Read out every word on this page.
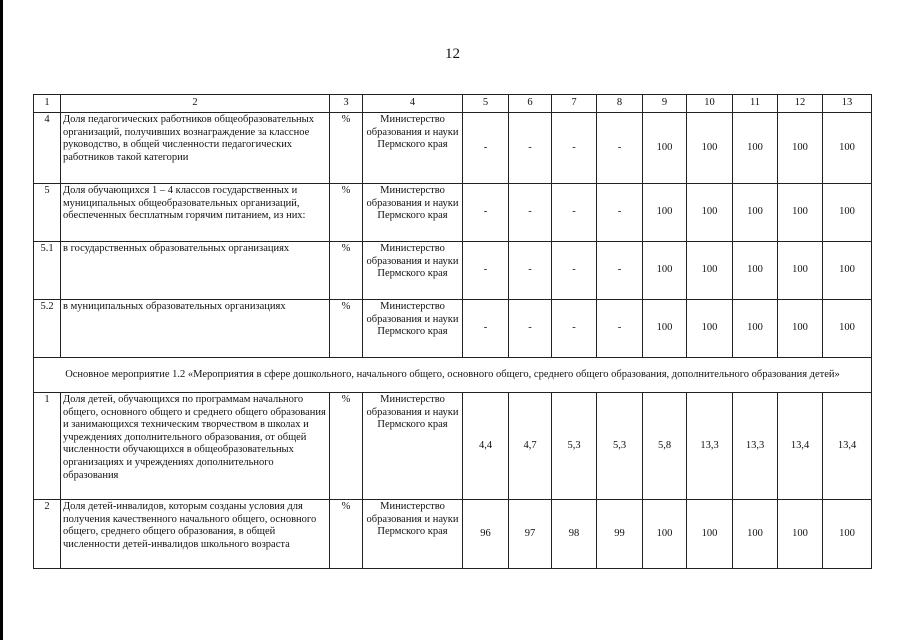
12
1	2	3	4	5	6	7	8	9	10	11	12	13
4	Доля педагогических работников общеобразовательных организаций, получивших вознаграждение за классное руководство, в общей численности педагогических работников такой категории	%	Министерство образования и науки Пермского края	-	-	-	-	100	100	100	100	100
5	Доля обучающихся 1 – 4 классов государственных и муниципальных общеобразовательных организаций, обеспеченных бесплатным горячим питанием, из них:	%	Министерство образования и науки Пермского края	-	-	-	-	100	100	100	100	100
5.1	в государственных образовательных организациях	%	Министерство образования и науки Пермского края	-	-	-	-	100	100	100	100	100
5.2	в муниципальных образовательных организациях	%	Министерство образования и науки Пермского края	-	-	-	-	100	100	100	100	100
Основное мероприятие 1.2 «Мероприятия в сфере дошкольного, начального общего, основного общего, среднего общего образования, дополнительного образования детей»												
1	Доля детей, обучающихся по программам начального общего, основного общего и среднего общего образования и занимающихся техническим творчеством в школах и учреждениях дополнительного образования, от общей численности обучающихся в общеобразовательных организациях и учреждениях дополнительного образования	%	Министерство образования и науки Пермского края	4,4	4,7	5,3	5,3	5,8	13,3	13,3	13,4	13,4
2	Доля детей-инвалидов, которым созданы условия для получения качественного начального общего, основного общего, среднего общего образования, в общей численности детей-инвалидов школьного возраста	%	Министерство образования и науки Пермского края	96	97	98	99	100	100	100	100	100
